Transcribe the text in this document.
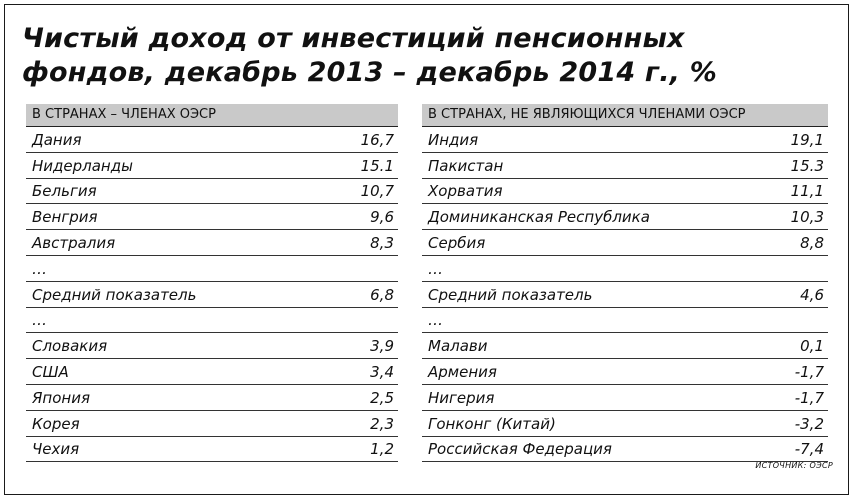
Чистый доход от инвестиций пенсионных
фондов, декабрь 2013 – декабрь 2014 г., %
В СТРАНАХ – ЧЛЕНАХ ОЭСР
Дания	16,7
Нидерланды	15.1
Бельгия	10,7
Венгрия	9,6
Австралия	8,3
…
Средний показатель	6,8
…
Словакия	3,9
США	3,4
Япония	2,5
Корея	2,3
Чехия	1,2
В СТРАНАХ, НЕ ЯВЛЯЮЩИХСЯ ЧЛЕНАМИ ОЭСР
Индия	19,1
Пакистан	15.3
Хорватия	11,1
Доминиканская Республика	10,3
Сербия	8,8
…
Средний показатель	4,6
…
Малави	0,1
Армения	-1,7
Нигерия	-1,7
Гонконг (Китай)	-3,2
Российская Федерация	-7,4
ИСТОЧНИК: ОЭСР
